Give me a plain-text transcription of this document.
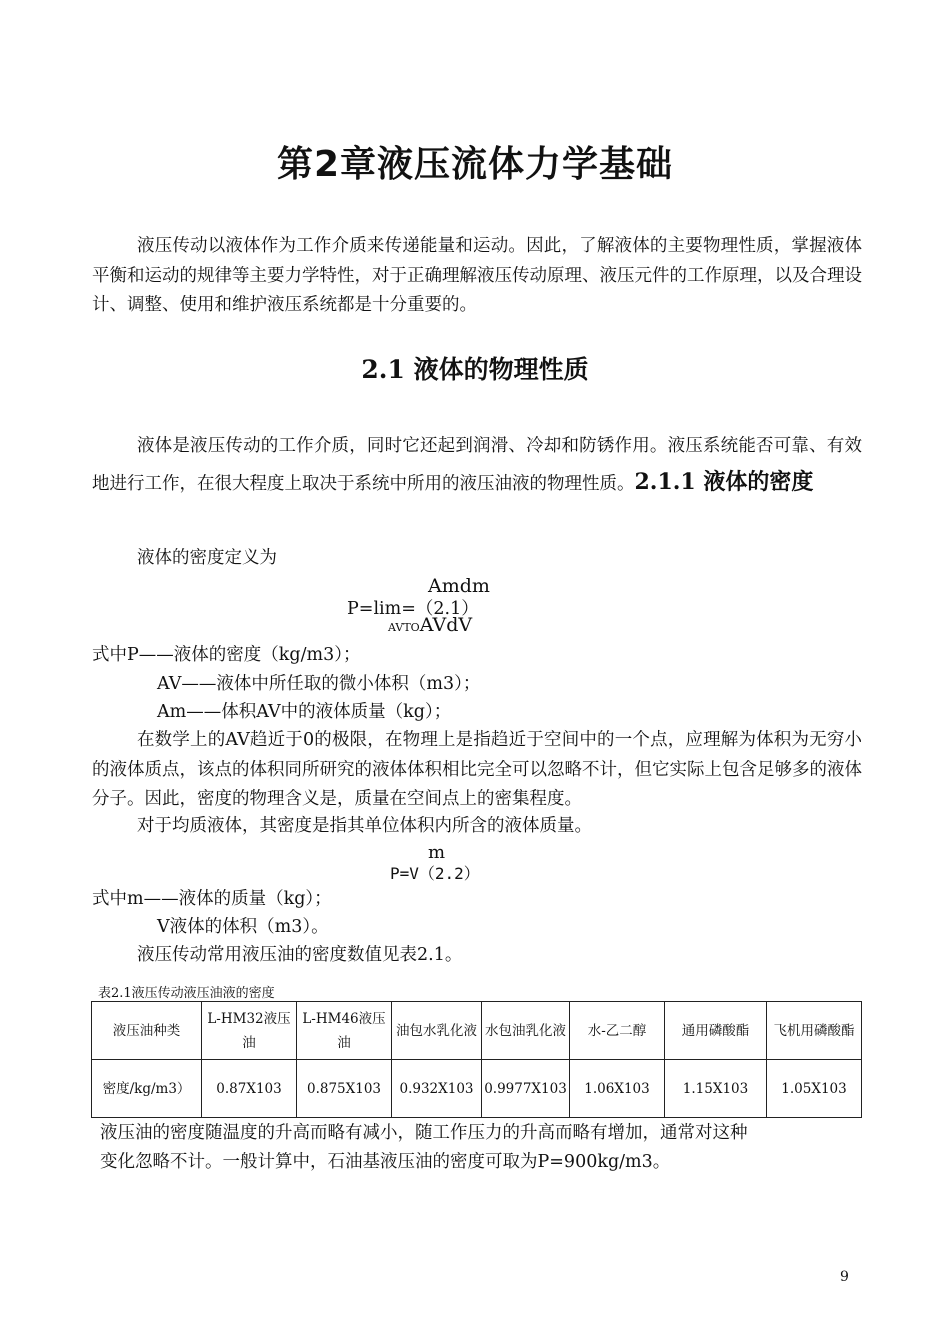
第2章液压流体力学基础
液压传动以液体作为工作介质来传递能量和运动。因此，了解液体的主要物理性质，掌握液体平衡和运动的规律等主要力学特性，对于正确理解液压传动原理、液压元件的工作原理，以及合理设计、调整、使用和维护液压系统都是十分重要的。
2.1 液体的物理性质
液体是液压传动的工作介质，同时它还起到润滑、冷却和防锈作用。液压系统能否可靠、有效地进行工作，在很大程度上取决于系统中所用的液压油液的物理性质。2.1.1 液体的密度
液体的密度定义为
Amdm
P=lim=（2.1）
AVTOAVdV
式中P——液体的密度（kg/m3）；
AV——液体中所任取的微小体积（m3）；
Am——体积AV中的液体质量（kg）；
在数学上的AV趋近于0的极限，在物理上是指趋近于空间中的一个点，应理解为体积为无穷小的液体质点，该点的体积同所研究的液体体积相比完全可以忽略不计，但它实际上包含足够多的液体分子。因此，密度的物理含义是，质量在空间点上的密集程度。
对于均质液体，其密度是指其单位体积内所含的液体质量。
m
P=V（2.2）
式中m——液体的质量（kg）；
V液体的体积（m3）。
液压传动常用液压油的密度数值见表2.1。
表2.1液压传动液压油液的密度
液压油种类	L-HM32液压油	L-HM46液压油	油包水乳化液	水包油乳化液	水-乙二醇	通用磷酸酯	飞机用磷酸酯
密度/kg/m3）	0.87X103	0.875X103	0.932X103	0.9977X103	1.06X103	1.15X103	1.05X103
液压油的密度随温度的升高而略有减小，随工作压力的升高而略有增加，通常对这种
变化忽略不计。一般计算中，石油基液压油的密度可取为P=900kg/m3。
9
